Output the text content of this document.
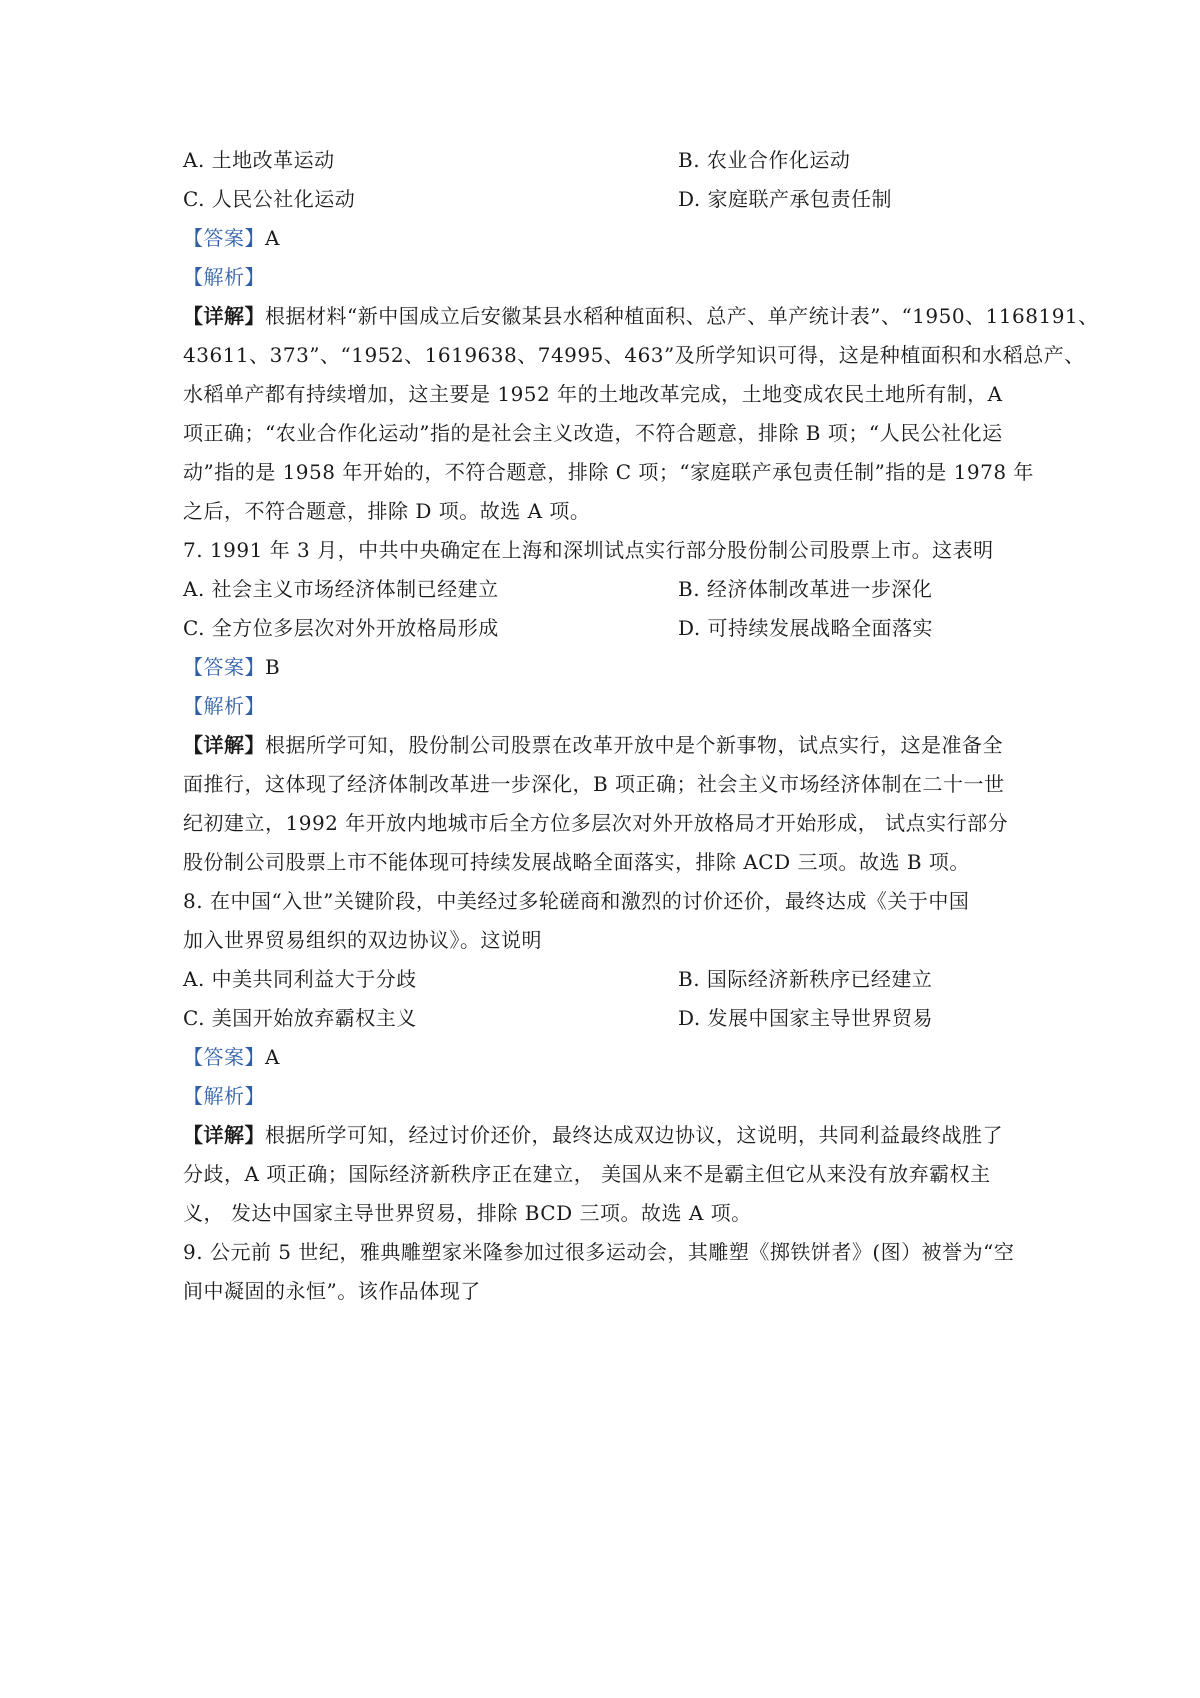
A. 土地改革运动	B. 农业合作化运动
C. 人民公社化运动	D. 家庭联产承包责任制
【答案】A
【解析】
【详解】根据材料“新中国成立后安徽某县水稻种植面积、总产、单产统计表”、“1950、1168191、
43611、373”、“1952、1619638、74995、463”及所学知识可得，这是种植面积和水稻总产、
水稻单产都有持续增加，这主要是 1952 年的土地改革完成，土地变成农民土地所有制，A
项正确；“农业合作化运动”指的是社会主义改造，不符合题意，排除 B 项；“人民公社化运
动”指的是 1958 年开始的，不符合题意，排除 C 项；“家庭联产承包责任制”指的是 1978 年
之后，不符合题意，排除 D 项。故选 A 项。
7. 1991 年 3 月，中共中央确定在上海和深圳试点实行部分股份制公司股票上市。这表明
A. 社会主义市场经济体制已经建立	B. 经济体制改革进一步深化
C. 全方位多层次对外开放格局形成	D. 可持续发展战略全面落实
【答案】B
【解析】
【详解】根据所学可知，股份制公司股票在改革开放中是个新事物，试点实行，这是准备全
面推行，这体现了经济体制改革进一步深化，B 项正确；社会主义市场经济体制在二十一世
纪初建立，1992 年开放内地城市后全方位多层次对外开放格局才开始形成， 试点实行部分
股份制公司股票上市不能体现可持续发展战略全面落实，排除 ACD 三项。故选 B 项。
8. 在中国“入世”关键阶段，中美经过多轮磋商和激烈的讨价还价，最终达成《关于中国
加入世界贸易组织的双边协议》。这说明
A. 中美共同利益大于分歧	B. 国际经济新秩序已经建立
C. 美国开始放弃霸权主义	D. 发展中国家主导世界贸易
【答案】A
【解析】
【详解】根据所学可知，经过讨价还价，最终达成双边协议，这说明，共同利益最终战胜了
分歧，A 项正确；国际经济新秩序正在建立， 美国从来不是霸主但它从来没有放弃霸权主
义， 发达中国家主导世界贸易，排除 BCD 三项。故选 A 项。
9. 公元前 5 世纪，雅典雕塑家米隆参加过很多运动会，其雕塑《掷铁饼者》(图）被誉为“空
间中凝固的永恒”。该作品体现了
